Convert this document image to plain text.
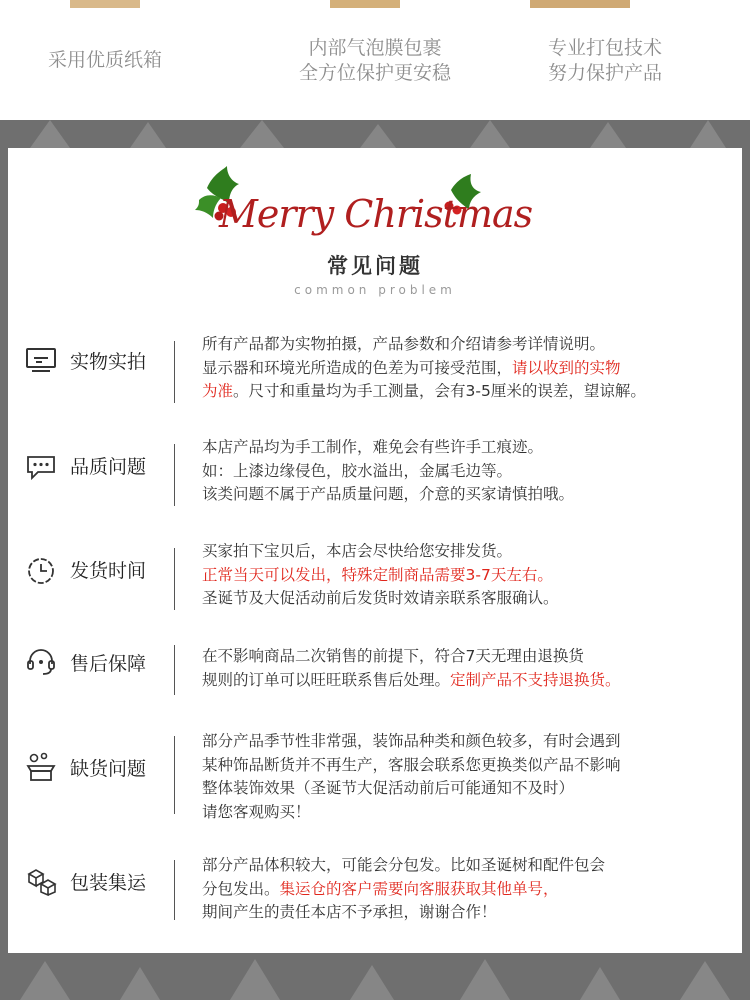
采用优质纸箱
内部气泡膜包裹
全方位保护更安稳
专业打包技术
努力保护产品
Merry Christmas
常见问题
common problem
实物实拍

所有产品都为实物拍摄，产品参数和介绍请参考详情说明。

显示器和环境光所造成的色差为可接受范围，请以收到的实物

为准。尺寸和重量均为手工测量，会有3-5厘米的误差，望谅解。

品质问题

本店产品均为手工制作，难免会有些许手工痕迹。

如：上漆边缘侵色，胶水溢出，金属毛边等。

该类问题不属于产品质量问题，介意的买家请慎拍哦。

发货时间

买家拍下宝贝后，本店会尽快给您安排发货。

正常当天可以发出，特殊定制商品需要3-7天左右。

圣诞节及大促活动前后发货时效请亲联系客服确认。

售后保障	在不影响商品二次销售的前提下，符合7天无理由退换货

规则的订单可以旺旺联系售后处理。定制产品不支持退换货。

缺货问题

部分产品季节性非常强，装饰品种类和颜色较多，有时会遇到

某种饰品断货并不再生产，客服会联系您更换类似产品不影响

整体装饰效果（圣诞节大促活动前后可能通知不及时）

请您客观购买！

包装集运

部分产品体积较大，可能会分包发。比如圣诞树和配件包会

分包发出。集运仓的客户需要向客服获取其他单号，

期间产生的责任本店不予承担，谢谢合作！
